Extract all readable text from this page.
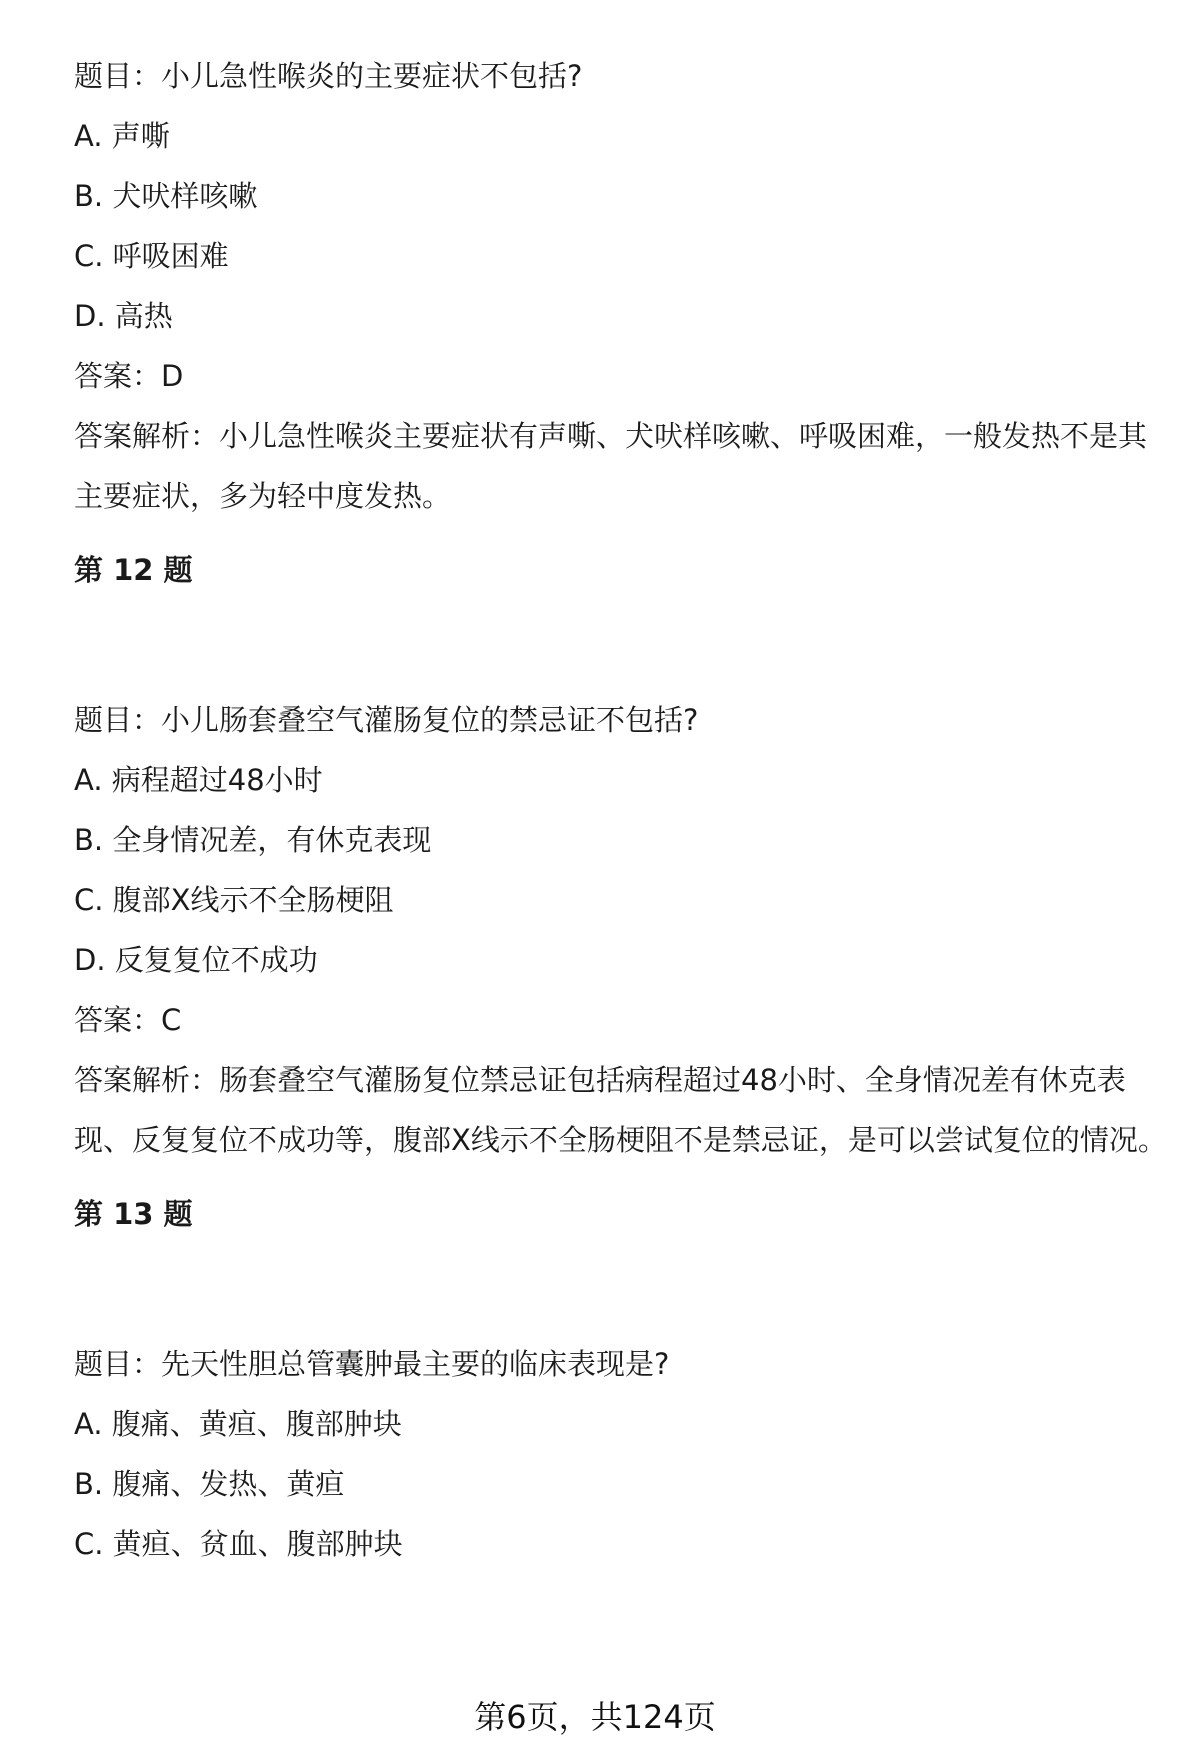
题目：小儿急性喉炎的主要症状不包括?

A. 声嘶

B. 犬吠样咳嗽

C. 呼吸困难

D. 高热

答案：D

答案解析：小儿急性喉炎主要症状有声嘶、犬吠样咳嗽、呼吸困难，一般发热不是其主要症状，多为轻中度发热。

第 12 题

题目：小儿肠套叠空气灌肠复位的禁忌证不包括?

A. 病程超过48小时

B. 全身情况差，有休克表现

C. 腹部X线示不全肠梗阻

D. 反复复位不成功

答案：C

答案解析：肠套叠空气灌肠复位禁忌证包括病程超过48小时、全身情况差有休克表现、反复复位不成功等，腹部X线示不全肠梗阻不是禁忌证，是可以尝试复位的情况。

第 13 题

题目：先天性胆总管囊肿最主要的临床表现是?

A. 腹痛、黄疸、腹部肿块

B. 腹痛、发热、黄疸

C. 黄疸、贫血、腹部肿块

第6页，共124页
